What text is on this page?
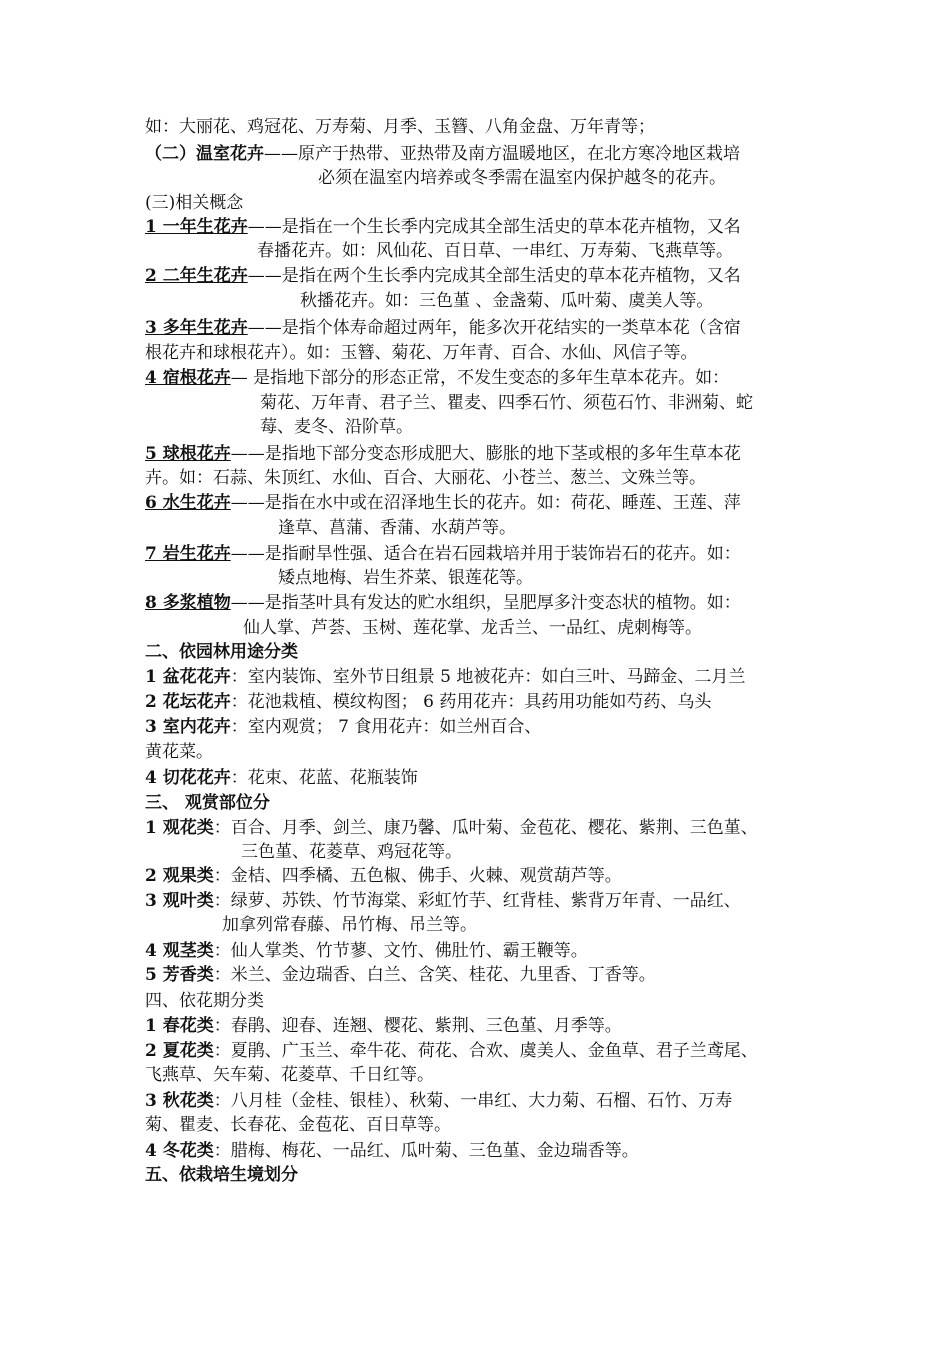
如：大丽花、鸡冠花、万寿菊、月季、玉簪、八角金盘、万年青等；
（二）温室花卉——原产于热带、亚热带及南方温暖地区，在北方寒冷地区栽培
必须在温室内培养或冬季需在温室内保护越冬的花卉。
(三)相关概念
1 一年生花卉——是指在一个生长季内完成其全部生活史的草本花卉植物，又名
春播花卉。如：风仙花、百日草、一串红、万寿菊、飞燕草等。
2 二年生花卉——是指在两个生长季内完成其全部生活史的草本花卉植物，又名
秋播花卉。如：三色堇 、金盏菊、瓜叶菊、虞美人等。
3 多年生花卉——是指个体寿命超过两年，能多次开花结实的一类草本花（含宿
根花卉和球根花卉）。如：玉簪、菊花、万年青、百合、水仙、风信子等。
4 宿根花卉— 是指地下部分的形态正常，不发生变态的多年生草本花卉。如：
菊花、万年青、君子兰、瞿麦、四季石竹、须苞石竹、非洲菊、蛇
莓、麦冬、沿阶草。
5 球根花卉——是指地下部分变态形成肥大、膨胀的地下茎或根的多年生草本花
卉。如：石蒜、朱顶红、水仙、百合、大丽花、小苍兰、葱兰、文殊兰等。
6 水生花卉——是指在水中或在沼泽地生长的花卉。如：荷花、睡莲、王莲、萍
逢草、菖蒲、香蒲、水葫芦等。
7 岩生花卉——是指耐旱性强、适合在岩石园栽培并用于装饰岩石的花卉。如：
矮点地梅、岩生芥菜、银莲花等。
8 多浆植物——是指茎叶具有发达的贮水组织，呈肥厚多汁变态状的植物。如：
仙人掌、芦荟、玉树、莲花掌、龙舌兰、一品红、虎刺梅等。
二、依园林用途分类
1 盆花花卉：室内装饰、室外节日组景 5 地被花卉：如白三叶、马蹄金、二月兰
2 花坛花卉：花池栽植、模纹构图； 6 药用花卉：具药用功能如芍药、乌头
3 室内花卉：室内观赏； 7 食用花卉：如兰州百合、
黄花菜。
4 切花花卉：花束、花蓝、花瓶装饰
三、 观赏部位分
1 观花类：百合、月季、剑兰、康乃馨、瓜叶菊、金苞花、樱花、紫荆、三色堇、
三色堇、花菱草、鸡冠花等。
2 观果类：金桔、四季橘、五色椒、佛手、火棘、观赏葫芦等。
3 观叶类：绿萝、苏铁、竹节海棠、彩虹竹芋、红背桂、紫背万年青、一品红、
加拿列常春藤、吊竹梅、吊兰等。
4 观茎类：仙人掌类、竹节蓼、文竹、佛肚竹、霸王鞭等。
5 芳香类：米兰、金边瑞香、白兰、含笑、桂花、九里香、丁香等。
四、依花期分类
1 春花类：春鹃、迎春、连翘、樱花、紫荆、三色堇、月季等。
2 夏花类：夏鹃、广玉兰、牵牛花、荷花、合欢、虞美人、金鱼草、君子兰鸢尾、
飞燕草、矢车菊、花菱草、千日红等。
3 秋花类：八月桂（金桂、银桂）、秋菊、一串红、大力菊、石榴、石竹、万寿
菊、瞿麦、长春花、金苞花、百日草等。
4 冬花类：腊梅、梅花、一品红、瓜叶菊、三色堇、金边瑞香等。
五、依栽培生境划分
